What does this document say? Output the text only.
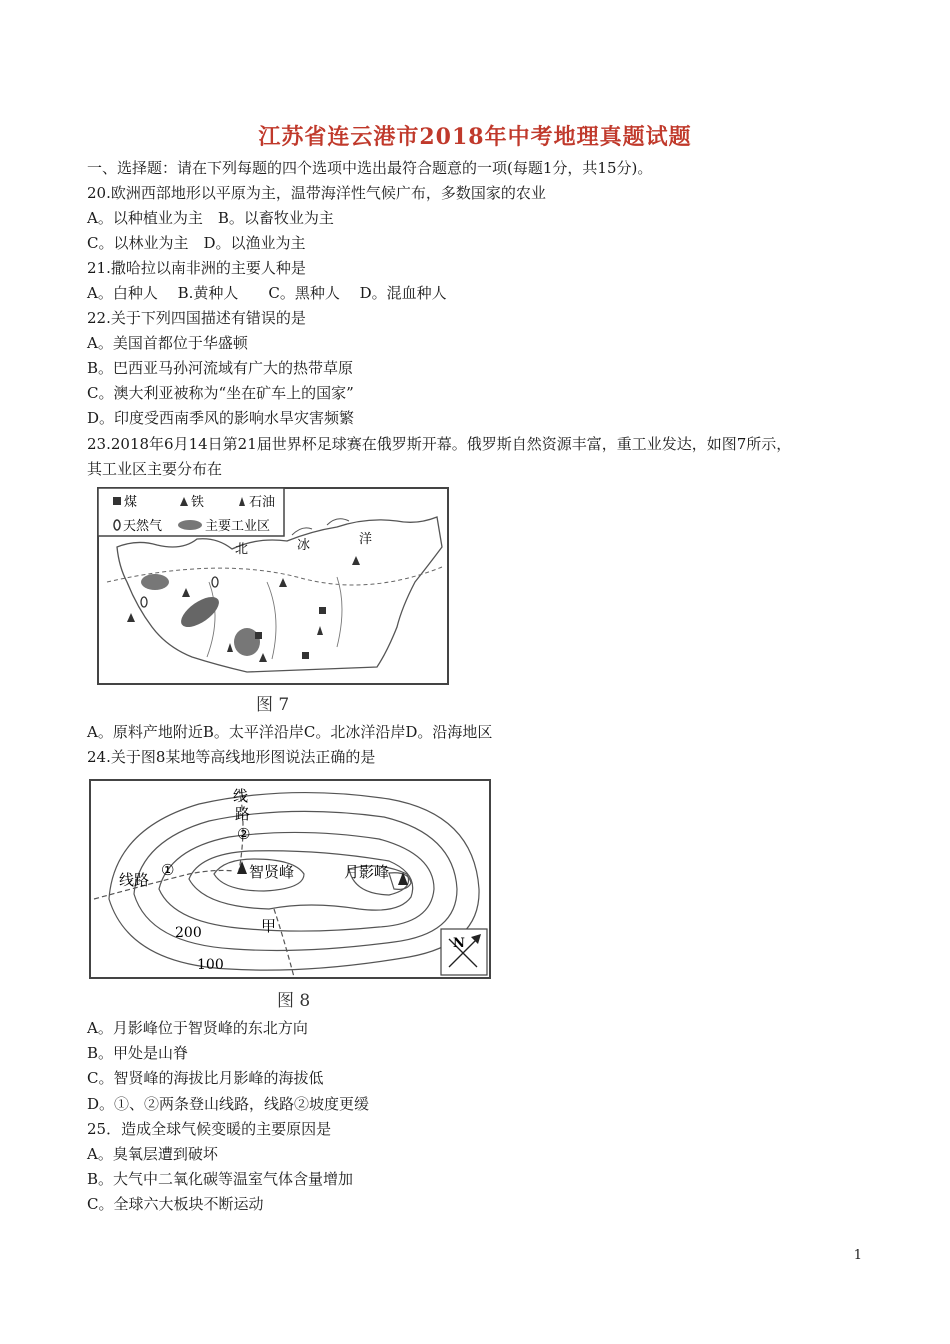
江苏省连云港市2018年中考地理真题试题
一、选择题：请在下列每题的四个选项中选出最符合题意的一项(每题1分，共15分)。
20.欧洲西部地形以平原为主，温带海洋性气候广布，多数国家的农业
A。以种植业为主　B。以畜牧业为主
C。以林业为主　D。以渔业为主
21.撒哈拉以南非洲的主要人种是
A。白种人　 B.黄种人　　C。黑种人　 D。混血种人
22.关于下列四国描述有错误的是
A。美国首都位于华盛顿
B。巴西亚马孙河流域有广大的热带草原
C。澳大利亚被称为“坐在矿车上的国家”
D。印度受西南季风的影响水旱灾害频繁
23.2018年6月14日第21届世界杯足球赛在俄罗斯开幕。俄罗斯自然资源丰富，重工业发达，如图7所示，
其工业区主要分布在
煤	铁	石油
天然气	主要工业区
北	冰	洋
图 7
A。原料产地附近B。太平洋沿岸C。北冰洋沿岸D。沿海地区
24.关于图8某地等高线地形图说法正确的是
线
路
②
线路
①	智贤峰	月影峰
200
100
甲
N
图 8
A。月影峰位于智贤峰的东北方向
B。甲处是山脊
C。智贤峰的海拔比月影峰的海拔低
D。①、②两条登山线路，线路②坡度更缓
25．造成全球气候变暖的主要原因是
A。臭氧层遭到破坏
B。大气中二氧化碳等温室气体含量增加
C。全球六大板块不断运动
1
